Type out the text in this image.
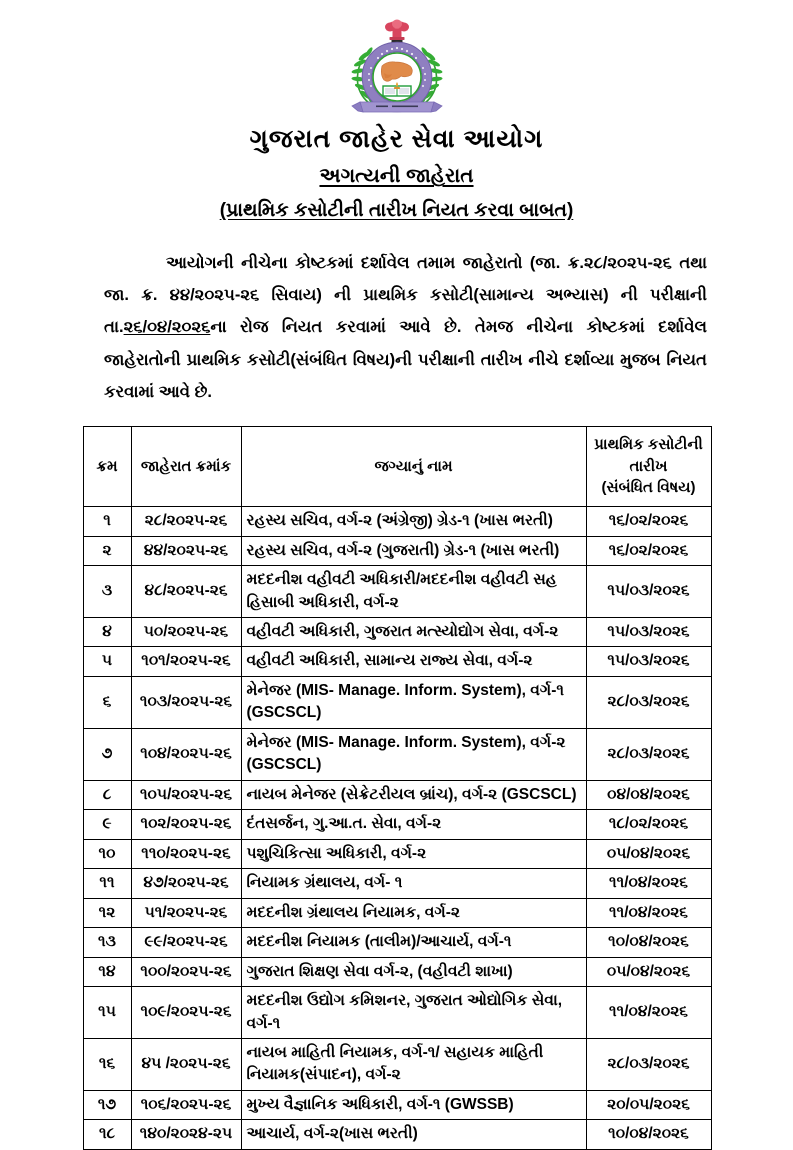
ગુજરાત જાહેર સેવા આયોગ
અગત્યની જાહેરાત
(પ્રાથમિક કસોટીની તારીખ નિયત કરવા બાબત)
આયોગની નીચેના કોષ્ટકમાં દર્શાવેલ તમામ જાહેરાતો (જા. ક્ર.૨૮/૨૦૨૫-૨૬ તથા જા. ક્ર. ૪૪/૨૦૨૫-૨૬ સિવાય) ની પ્રાથમિક કસોટી(સામાન્ય અભ્યાસ) ની પરીક્ષાની તા.૨૬/૦૪/૨૦૨૬ના રોજ નિયત કરવામાં આવે છે. તેમજ નીચેના કોષ્ટકમાં દર્શાવેલ જાહેરાતોની પ્રાથમિક કસોટી(સંબંધિત વિષય)ની પરીક્ષાની તારીખ નીચે દર્શાવ્યા મુજબ નિયત કરવામાં આવે છે.
ક્રમ	જાહેરાત ક્રમાંક	જગ્યાનું નામ	પ્રાથમિક કસોટીની
તારીખ
(સંબંધિત વિષય)

૧	૨૮/૨૦૨૫-૨૬	રહસ્ય સચિવ, વર્ગ-૨ (અંગ્રેજી) ગ્રેડ-૧ (ખાસ ભરતી)	૧૬/૦૨/૨૦૨૬
૨	૪૪/૨૦૨૫-૨૬	રહસ્ય સચિવ, વર્ગ-૨ (ગુજરાતી) ગ્રેડ-૧ (ખાસ ભરતી)	૧૬/૦૨/૨૦૨૬
૩	૪૮/૨૦૨૫-૨૬	મદદનીશ વહીવટી અધિકારી/મદદનીશ વહીવટી સહ હિસાબી અધિકારી, વર્ગ-૨	૧૫/૦૩/૨૦૨૬
૪	૫૦/૨૦૨૫-૨૬	વહીવટી અધિકારી, ગુજરાત મત્સ્યોદ્યોગ સેવા, વર્ગ-૨	૧૫/૦૩/૨૦૨૬
૫	૧૦૧/૨૦૨૫-૨૬	વહીવટી અધિકારી, સામાન્ય રાજ્ય સેવા, વર્ગ-૨	૧૫/૦૩/૨૦૨૬
૬	૧૦૩/૨૦૨૫-૨૬	મેનેજર (MIS- Manage. Inform. System), વર્ગ-૧ (GSCSCL)	૨૮/૦૩/૨૦૨૬
૭	૧૦૪/૨૦૨૫-૨૬	મેનેજર (MIS- Manage. Inform. System), વર્ગ-૨ (GSCSCL)	૨૮/૦૩/૨૦૨૬
૮	૧૦૫/૨૦૨૫-૨૬	નાયબ મેનેજર (સેક્રેટરીયલ બ્રાંચ), વર્ગ-૨ (GSCSCL)	૦૪/૦૪/૨૦૨૬
૯	૧૦૨/૨૦૨૫-૨૬	દંતસર્જન, ગુ.આ.ત. સેવા, વર્ગ-૨	૧૮/૦૨/૨૦૨૬
૧૦	૧૧૦/૨૦૨૫-૨૬	પશુચિકિત્સા અધિકારી, વર્ગ-૨	૦૫/૦૪/૨૦૨૬
૧૧	૪૭/૨૦૨૫-૨૬	નિયામક ગ્રંથાલય, વર્ગ- ૧	૧૧/૦૪/૨૦૨૬
૧૨	૫૧/૨૦૨૫-૨૬	મદદનીશ ગ્રંથાલય નિયામક, વર્ગ-૨	૧૧/૦૪/૨૦૨૬
૧૩	૯૯/૨૦૨૫-૨૬	મદદનીશ નિયામક (તાલીમ)/આચાર્ય, વર્ગ-૧	૧૦/૦૪/૨૦૨૬
૧૪	૧૦૦/૨૦૨૫-૨૬	ગુજરાત શિક્ષણ સેવા વર્ગ-૨, (વહીવટી શાખા)	૦૫/૦૪/૨૦૨૬
૧૫	૧૦૯/૨૦૨૫-૨૬	મદદનીશ ઉદ્યોગ કમિશનર, ગુજરાત ઓદ્યોગિક સેવા, વર્ગ-૧	૧૧/૦૪/૨૦૨૬
૧૬	૪૫ /૨૦૨૫-૨૬	નાયબ માહિતી નિયામક, વર્ગ-૧/ સહાયક માહિતી નિયામક(સંપાદન), વર્ગ-૨	૨૮/૦૩/૨૦૨૬
૧૭	૧૦૬/૨૦૨૫-૨૬	મુખ્ય વૈજ્ઞાનિક અધિકારી, વર્ગ-૧ (GWSSB)	૨૦/૦૫/૨૦૨૬
૧૮	૧૪૦/૨૦૨૪-૨૫	આચાર્ય, વર્ગ-૨(ખાસ ભરતી)	૧૦/૦૪/૨૦૨૬
